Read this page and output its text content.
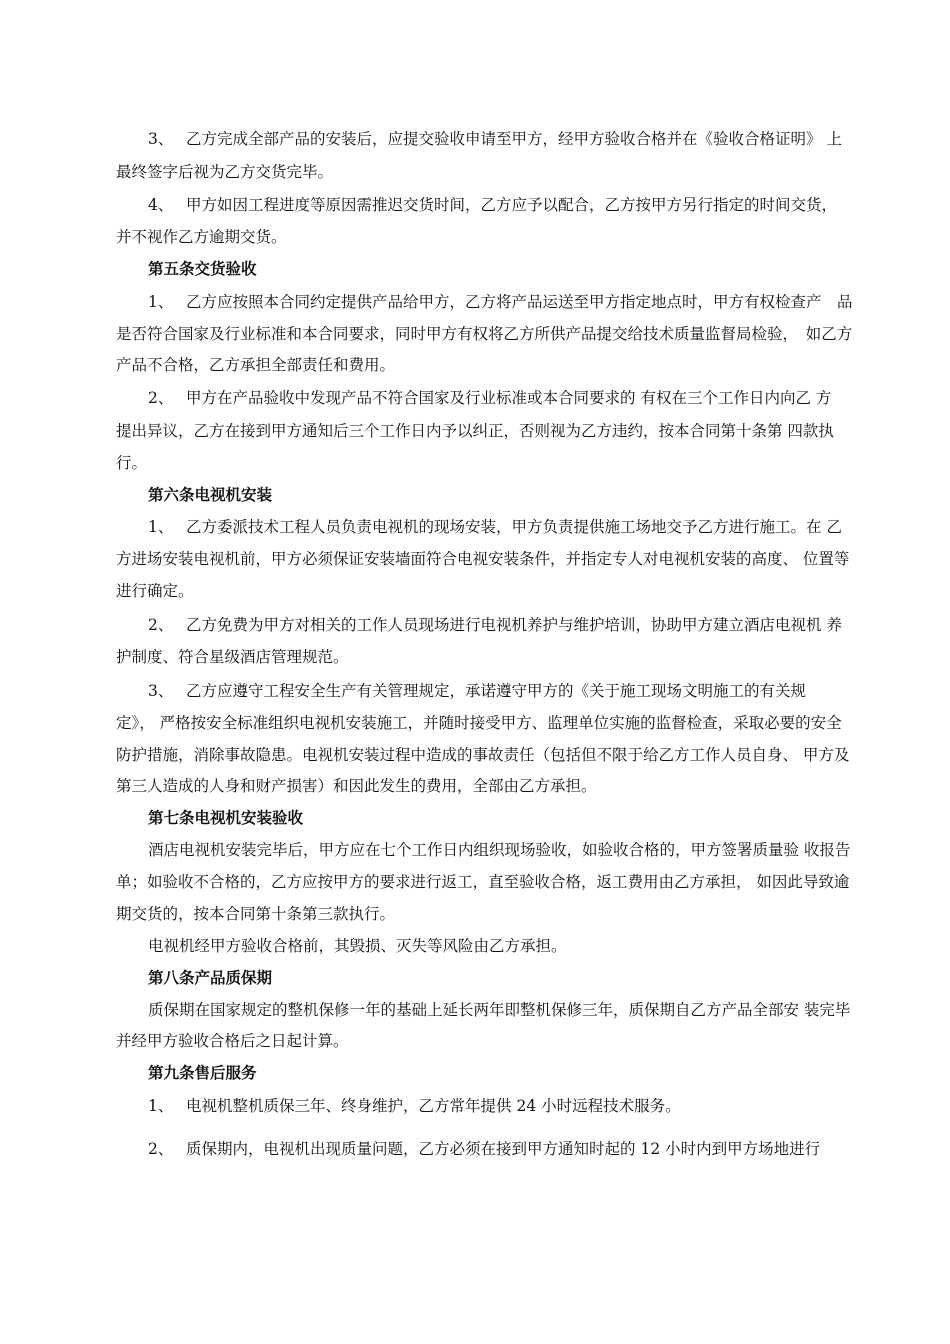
3、　 乙方完成全部产品的安装后，应提交验收申请至甲方，经甲方验收合格并在《验收合格证明》 上
最终签字后视为乙方交货完毕。
4、　 甲方如因工程进度等原因需推迟交货时间，乙方应予以配合，乙方按甲方另行指定的时间交货，
并不视作乙方逾期交货。
第五条交货验收
1、　 乙方应按照本合同约定提供产品给甲方，乙方将产品运送至甲方指定地点时，甲方有权检查产　品
是否符合国家及行业标准和本合同要求，同时甲方有权将乙方所供产品提交给技术质量监督局检验，　如乙方
产品不合格，乙方承担全部责任和费用。
2、　 甲方在产品验收中发现产品不符合国家及行业标准或本合同要求的 有权在三个工作日内向乙 方
提出异议，乙方在接到甲方通知后三个工作日内予以纠正，否则视为乙方违约，按本合同第十条第 四款执
行。
第六条电视机安装
1、　 乙方委派技术工程人员负责电视机的现场安装，甲方负责提供施工场地交予乙方进行施工。在 乙
方进场安装电视机前，甲方必须保证安装墙面符合电视安装条件，并指定专人对电视机安装的高度、 位置等
进行确定。
2、　 乙方免费为甲方对相关的工作人员现场进行电视机养护与维护培训，协助甲方建立酒店电视机 养
护制度、符合星级酒店管理规范。
3、　 乙方应遵守工程安全生产有关管理规定，承诺遵守甲方的《关于施工现场文明施工的有关规
定》， 严格按安全标准组织电视机安装施工，并随时接受甲方、监理单位实施的监督检查，采取必要的安全
防护措施，消除事故隐患。电视机安装过程中造成的事故责任（包括但不限于给乙方工作人员自身、 甲方及
第三人造成的人身和财产损害）和因此发生的费用，全部由乙方承担。
第七条电视机安装验收
酒店电视机安装完毕后，甲方应在七个工作日内组织现场验收，如验收合格的，甲方签署质量验 收报告
单；如验收不合格的，乙方应按甲方的要求进行返工，直至验收合格，返工费用由乙方承担， 如因此导致逾
期交货的，按本合同第十条第三款执行。
电视机经甲方验收合格前，其毁损、灭失等风险由乙方承担。
第八条产品质保期
质保期在国家规定的整机保修一年的基础上延长两年即整机保修三年，质保期自乙方产品全部安 装完毕
并经甲方验收合格后之日起计算。
第九条售后服务
1、　 电视机整机质保三年、终身维护，乙方常年提供 24 小时远程技术服务。
2、　 质保期内，电视机出现质量问题，乙方必须在接到甲方通知时起的 12 小时内到甲方场地进行
